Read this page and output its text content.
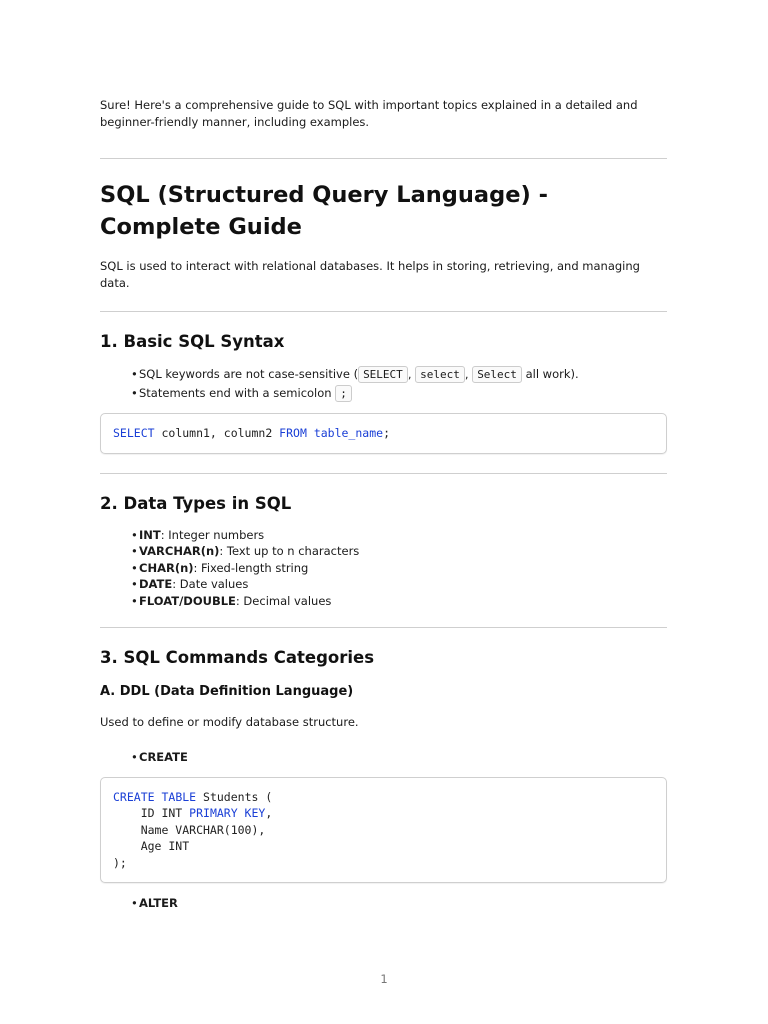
Sure! Here's a comprehensive guide to SQL with important topics explained in a detailed and beginner-friendly manner, including examples.

SQL (Structured Query Language) - Complete Guide

SQL is used to interact with relational databases. It helps in storing, retrieving, and managing data.

1. Basic SQL Syntax
• SQL keywords are not case-sensitive ( SELECT , select , Select all work).
• Statements end with a semicolon ;
SELECT column1, column2 FROM table_name;
2. Data Types in SQL
• INT: Integer numbers
• VARCHAR(n): Text up to n characters
• CHAR(n): Fixed-length string
• DATE: Date values
• FLOAT/DOUBLE: Decimal values
3. SQL Commands Categories
A. DDL (Data Definition Language)

Used to define or modify database structure.

• CREATE
CREATE TABLE Students (
ID INT PRIMARY KEY,
Name VARCHAR(100),
Age INT
);
• ALTER
1
